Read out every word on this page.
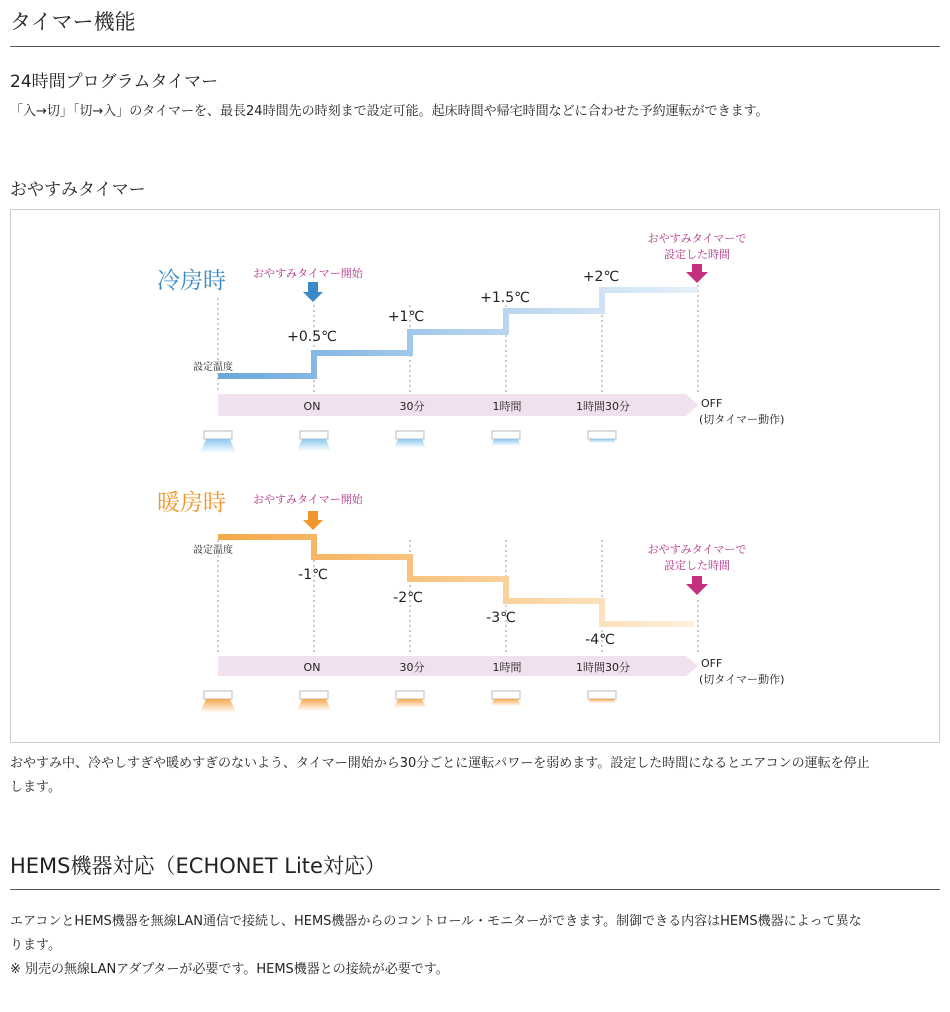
タイマー機能
24時間プログラムタイマー

「入→切」「切→入」のタイマーを、最長24時間先の時刻まで設定可能。起床時間や帰宅時間などに合わせた予約運転ができます。

おやすみタイマー
冷房時 おやすみタイマー開始
おやすみタイマーで
設定した時間
設定温度
+0.5℃
+1℃
+1.5℃
+2℃
ON	30分	1時間	1時間30分	OFF
(切タイマー動作)
暖房時 おやすみタイマー開始
おやすみタイマーで
設定した時間
設定温度
-1℃
-2℃
-3℃
-4℃
ON	30分	1時間	1時間30分	OFF
(切タイマー動作)

おやすみ中、冷やしすぎや暖めすぎのないよう、タイマー開始から30分ごとに運転パワーを弱めます。設定した時間になるとエアコンの運転を停止

します。

HEMS機器対応（ECHONET Lite対応）

エアコンとHEMS機器を無線LAN通信で接続し、HEMS機器からのコントロール・モニターができます。制御できる内容はHEMS機器によって異な

ります。

※ 別売の無線LANアダプターが必要です。HEMS機器との接続が必要です。
